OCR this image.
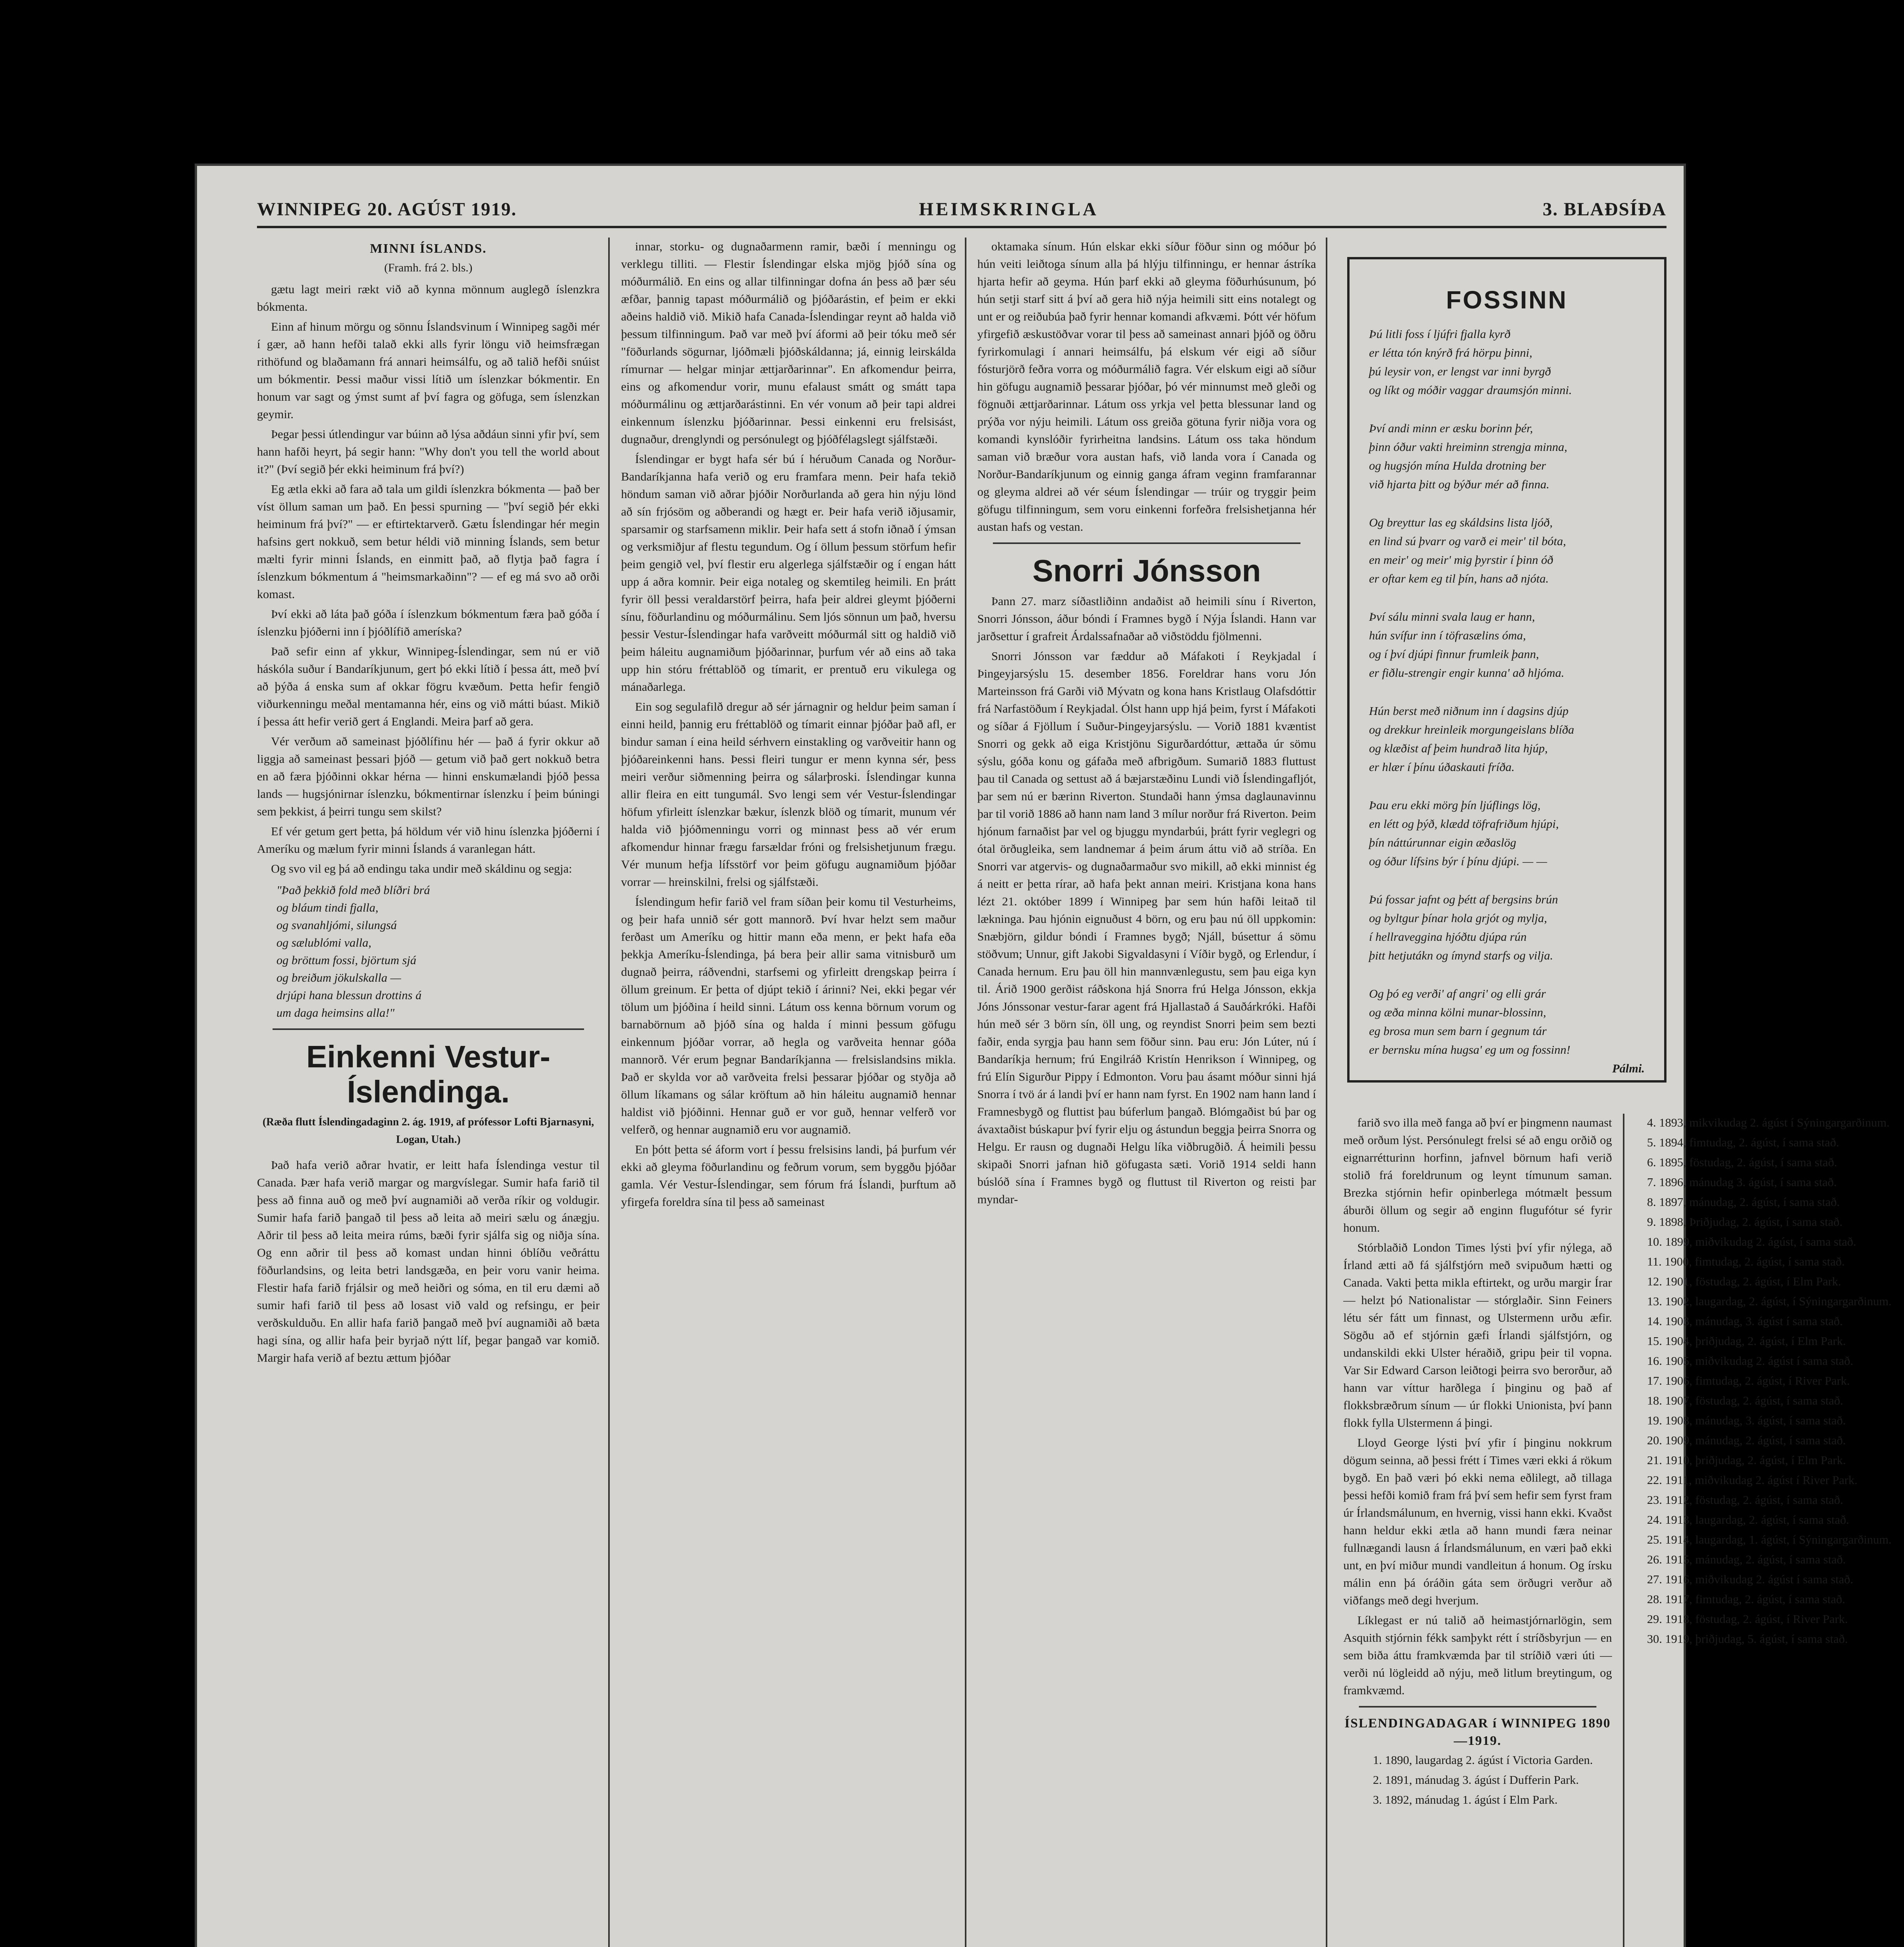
WINNIPEG 20. AGÚST 1919.	HEIMSKRINGLA	3. BLAÐSÍÐA
MINNI ÍSLANDS.
(Framh. frá 2. bls.)

gætu lagt meiri rækt við að kynna mönnum auglegð íslenzkra bókmenta.

Einn af hinum mörgu og sönnu Íslandsvinum í Winnipeg sagði mér í gær, að hann hefði talað ekki alls fyrir löngu við heimsfrægan rithöfund og blaðamann frá annari heimsálfu, og að talið hefði snúist um bókmentir. Þessi maður vissi lítið um íslenzkar bókmentir. En honum var sagt og ýmst sumt af því fagra og göfuga, sem íslenzkan geymir.

Þegar þessi útlendingur var búinn að lýsa aðdáun sinni yfir því, sem hann hafði heyrt, þá segir hann: "Why don't you tell the world about it?" (Því segið þér ekki heiminum frá því?)

Eg ætla ekki að fara að tala um gildi íslenzkra bókmenta — það ber víst öllum saman um það. En þessi spurning — "því segið þér ekki heiminum frá því?" — er eftirtektarverð. Gætu Íslendingar hér megin hafsins gert nokkuð, sem betur héldi við minning Íslands, sem betur mælti fyrir minni Íslands, en einmitt það, að flytja það fagra í íslenzkum bókmentum á "heimsmarkaðinn"? — ef eg má svo að orði komast.

Því ekki að láta það góða í íslenzkum bókmentum færa það góða í íslenzku þjóðerni inn í þjóðlífið ameríska?

Það sefir einn af ykkur, Winnipeg-Íslendingar, sem nú er við háskóla suður í Bandaríkjunum, gert þó ekki lítið í þessa átt, með því að þýða á enska sum af okkar fögru kvæðum. Þetta hefir fengið viðurkenningu meðal mentamanna hér, eins og við mátti búast. Mikið í þessa átt hefir verið gert á Englandi. Meira þarf að gera.

Vér verðum að sameinast þjóðlífinu hér — það á fyrir okkur að liggja að sameinast þessari þjóð — getum við það gert nokkuð betra en að færa þjóðinni okkar hérna — hinni enskumælandi þjóð þessa lands — hugsjónirnar íslenzku, bókmentirnar íslenzku í þeim búningi sem þekkist, á þeirri tungu sem skilst?

Ef vér getum gert þetta, þá höldum vér við hinu íslenzka þjóðerni í Ameríku og mælum fyrir minni Íslands á varanlegan hátt.

Og svo vil eg þá að endingu taka undir með skáldinu og segja:

"Það þekkið fold með blíðri brá
og bláum tindi fjalla,
og svanahljómi, silungsá
og sælublómi valla,
og bröttum fossi, björtum sjá
og breiðum jökulskalla —
drjúpi hana blessun drottins á
um daga heimsins alla!"
Einkenni Vestur-Íslendinga.
(Ræða flutt Íslendingadaginn 2. ág. 1919, af prófessor Lofti Bjarnasyni, Logan, Utah.)

Það hafa verið aðrar hvatir, er leitt hafa Íslendinga vestur til Canada. Þær hafa verið margar og margvíslegar. Sumir hafa farið til þess að finna auð og með því augnamiði að verða ríkir og voldugir. Sumir hafa farið þangað til þess að leita að meiri sælu og ánægju. Aðrir til þess að leita meira rúms, bæði fyrir sjálfa sig og niðja sína. Og enn aðrir til þess að komast undan hinni óblíðu veðráttu föðurlandsins, og leita betri landsgæða, en þeir voru vanir heima. Flestir hafa farið frjálsir og með heiðri og sóma, en til eru dæmi að sumir hafi farið til þess að losast við vald og refsingu, er þeir verðskulduðu. En allir hafa farið þangað með því augnamiði að bæta hagi sína, og allir hafa þeir byrjað nýtt líf, þegar þangað var komið. Margir hafa verið af beztu ættum þjóðar

innar, storku- og dugnaðarmenn ramir, bæði í menningu og verklegu tilliti. — Flestir Íslendingar elska mjög þjóð sína og móðurmálið. En eins og allar tilfinningar dofna án þess að þær séu æfðar, þannig tapast móðurmálið og þjóðarástin, ef þeim er ekki aðeins haldið við. Mikið hafa Canada-Íslendingar reynt að halda við þessum tilfinningum. Það var með því áformi að þeir tóku með sér "föðurlands sögurnar, ljóðmæli þjóðskáldanna; já, einnig leirskálda rímurnar — helgar minjar ættjarðarinnar". En afkomendur þeirra, eins og afkomendur vorir, munu efalaust smátt og smátt tapa móðurmálinu og ættjarðarástinni. En vér vonum að þeir tapi aldrei einkennum íslenzku þjóðarinnar. Þessi einkenni eru frelsisást, dugnaður, drenglyndi og persónulegt og þjóðfélagslegt sjálfstæði.

Íslendingar er bygt hafa sér bú í héruðum Canada og Norður-Bandaríkjanna hafa verið og eru framfara menn. Þeir hafa tekið höndum saman við aðrar þjóðir Norðurlanda að gera hin nýju lönd að sín frjósöm og aðberandi og hægt er. Þeir hafa verið iðjusamir, sparsamir og starfsamenn miklir. Þeir hafa sett á stofn iðnað í ýmsan og verksmiðjur af flestu tegundum. Og í öllum þessum störfum hefir þeim gengið vel, því flestir eru algerlega sjálfstæðir og í engan hátt upp á aðra komnir. Þeir eiga notaleg og skemtileg heimili. En þrátt fyrir öll þessi veraldarstörf þeirra, hafa þeir aldrei gleymt þjóðerni sínu, föðurlandinu og móðurmálinu. Sem ljós sönnun um það, hversu þessir Vestur-Íslendingar hafa varðveitt móðurmál sitt og haldið við þeim háleitu augnamiðum þjóðarinnar, þurfum vér að eins að taka upp hin stóru fréttablöð og tímarit, er prentuð eru vikulega og mánaðarlega.

Ein sog segulafilð dregur að sér járnagnir og heldur þeim saman í einni heild, þannig eru fréttablöð og tímarit einnar þjóðar það afl, er bindur saman í eina heild sérhvern einstakling og varðveitir hann og þjóðareinkenni hans. Þessi fleiri tungur er menn kynna sér, þess meiri verður siðmenning þeirra og sálarþroski. Íslendingar kunna allir fleira en eitt tungumál. Svo lengi sem vér Vestur-Íslendingar höfum yfirleitt íslenzkar bækur, íslenzk blöð og tímarit, munum vér halda við þjóðmenningu vorri og minnast þess að vér erum afkomendur hinnar frægu farsældar fróni og frelsishetjunum frægu. Vér munum hefja lífsstörf vor þeim göfugu augnamiðum þjóðar vorrar — hreinskilni, frelsi og sjálfstæði.

Íslendingum hefir farið vel fram síðan þeir komu til Vesturheims, og þeir hafa unnið sér gott mannorð. Því hvar helzt sem maður ferðast um Ameríku og hittir mann eða menn, er þekt hafa eða þekkja Ameríku-Íslendinga, þá bera þeir allir sama vitnisburð um dugnað þeirra, ráðvendni, starfsemi og yfirleitt drengskap þeirra í öllum greinum. Er þetta of djúpt tekið í árinni? Nei, ekki þegar vér tölum um þjóðina í heild sinni. Látum oss kenna börnum vorum og barnabörnum að þjóð sína og halda í minni þessum göfugu einkennum þjóðar vorrar, að hegla og varðveita hennar góða mannorð. Vér erum þegnar Bandaríkjanna — frelsislandsins mikla. Það er skylda vor að varðveita frelsi þessarar þjóðar og styðja að öllum líkamans og sálar kröftum að hin háleitu augnamið hennar haldist við þjóðinni. Hennar guð er vor guð, hennar velferð vor velferð, og hennar augnamið eru vor augnamið.

En þótt þetta sé áform vort í þessu frelsisins landi, þá þurfum vér ekki að gleyma föðurlandinu og feðrum vorum, sem byggðu þjóðar gamla. Vér Vestur-Íslendingar, sem fórum frá Íslandi, þurftum að yfirgefa foreldra sína til þess að sameinast

oktamaka sínum. Hún elskar ekki síður föður sinn og móður þó hún veiti leiðtoga sínum alla þá hlýju tilfinningu, er hennar ástríka hjarta hefir að geyma. Hún þarf ekki að gleyma föðurhúsunum, þó hún setji starf sitt á því að gera hið nýja heimili sitt eins notalegt og unt er og reiðubúa það fyrir hennar komandi afkvæmi. Þótt vér höfum yfirgefið æskustöðvar vorar til þess að sameinast annari þjóð og öðru fyrirkomulagi í annari heimsálfu, þá elskum vér eigi að síður fósturjörð feðra vorra og móðurmálið fagra. Vér elskum eigi að síður hin göfugu augnamið þessarar þjóðar, þó vér minnumst með gleði og fögnuði ættjarðarinnar. Látum oss yrkja vel þetta blessunar land og prýða vor nýju heimili. Látum oss greiða götuna fyrir niðja vora og komandi kynslóðir fyrirheitna landsins. Látum oss taka höndum saman við bræður vora austan hafs, við landa vora í Canada og Norður-Bandaríkjunum og einnig ganga áfram veginn framfarannar og gleyma aldrei að vér séum Íslendingar — trúir og tryggir þeim göfugu tilfinningum, sem voru einkenni forfeðra frelsishetjanna hér austan hafs og vestan.

Snorri Jónsson

Þann 27. marz síðastliðinn andaðist að heimili sínu í Riverton, Snorri Jónsson, áður bóndi í Framnes bygð í Nýja Íslandi. Hann var jarðsettur í grafreit Árdalssafnaðar að viðstöddu fjölmenni.

Snorri Jónsson var fæddur að Máfakoti í Reykjadal í Þingeyjarsýslu 15. desember 1856. Foreldrar hans voru Jón Marteinsson frá Garði við Mývatn og kona hans Kristlaug Olafsdóttir frá Narfastöðum í Reykjadal. Ólst hann upp hjá þeim, fyrst í Máfakoti og síðar á Fjöllum í Suður-Þingeyjarsýslu. — Vorið 1881 kvæntist Snorri og gekk að eiga Kristjönu Sigurðardóttur, ættaða úr sömu sýslu, góða konu og gáfaða með afbrigðum. Sumarið 1883 fluttust þau til Canada og settust að á bæjarstæðinu Lundi við Íslendingafljót, þar sem nú er bærinn Riverton. Stundaði hann ýmsa daglaunavinnu þar til vorið 1886 að hann nam land 3 mílur norður frá Riverton. Þeim hjónum farnaðist þar vel og bjuggu myndarbúi, þrátt fyrir veglegri og ótal örðugleika, sem landnemar á þeim árum áttu við að stríða. En Snorri var atgervis- og dugnaðarmaður svo mikill, að ekki minnist ég á neitt er þetta rírar, að hafa þekt annan meiri. Kristjana kona hans lézt 21. október 1899 í Winnipeg þar sem hún hafði leitað til lækninga. Þau hjónin eignuðust 4 börn, og eru þau nú öll uppkomin: Snæbjörn, gildur bóndi í Framnes bygð; Njáll, búsettur á sömu stöðvum; Unnur, gift Jakobi Sigvaldasyni í Víðir bygð, og Erlendur, í Canada hernum. Eru þau öll hin mannvænlegustu, sem þau eiga kyn til. Árið 1900 gerðist ráðskona hjá Snorra frú Helga Jónsson, ekkja Jóns Jónssonar vestur-farar agent frá Hjallastað á Sauðárkróki. Hafði hún með sér 3 börn sín, öll ung, og reyndist Snorri þeim sem bezti faðir, enda syrgja þau hann sem föður sinn. Þau eru: Jón Lúter, nú í Bandaríkja hernum; frú Engilráð Kristín Henrikson í Winnipeg, og frú Elín Sigurður Pippy í Edmonton. Voru þau ásamt móður sinni hjá Snorra í tvö ár á landi því er hann nam fyrst. En 1902 nam hann land í Framnesbygð og fluttist þau búferlum þangað. Blómgaðist bú þar og ávaxtaðist búskapur því fyrir elju og ástundun beggja þeirra Snorra og Helgu. Er rausn og dugnaði Helgu líka viðbrugðið. Á heimili þessu skipaði Snorri jafnan hið göfugasta sæti. Vorið 1914 seldi hann búslóð sína í Framnes bygð og fluttust til Riverton og reisti þar myndar-

FOSSINN
Þú litli foss í ljúfri fjalla kyrð
er létta tón knýrð frá hörpu þinni,
þú leysir von, er lengst var inni byrgð
og líkt og móðir vaggar draumsjón minni.
Því andi minn er æsku borinn þér,
þinn óður vakti hreiminn strengja minna,
og hugsjón mína Hulda drotning ber
við hjarta þitt og býður mér að finna.
Og breyttur las eg skáldsins lista ljóð,
en lind sú þvarr og varð ei meir' til bóta,
en meir' og meir' mig þyrstir í þinn óð
er oftar kem eg til þín, hans að njóta.
Því sálu minni svala laug er hann,
hún svífur inn í töfrasælins óma,
og í því djúpi finnur frumleik þann,
er fiðlu-strengir engir kunna' að hljóma.
Hún berst með niðnum inn í dagsins djúp
og drekkur hreinleik morgungeislans blíða
og klæðist af þeim hundrað lita hjúp,
er hlær í þínu úðaskauti fríða.
Þau eru ekki mörg þín ljúflings lög,
en létt og þýð, klædd töfrafriðum hjúpi,
þín náttúrunnar eigin æðaslög
og óður lífsins býr í þínu djúpi. — —
Þú fossar jafnt og þétt af bergsins brún
og byltgur þínar hola grjót og mylja,
í hellraveggina hjóðtu djúpa rún
þitt hetjutákn og ímynd starfs og vilja.
Og þó eg verði' af angri' og elli grár
og æða minna kölni munar-blossinn,
eg brosa mun sem barn í gegnum tár
er bernsku mína hugsa' eg um og fossinn!
Pálmi.

farið svo illa með fanga að því er þingmenn naumast með orðum lýst. Persónulegt frelsi sé að engu orðið og eignarrétturinn horfinn, jafnvel börnum hafi verið stolið frá foreldrunum og leynt tímunum saman. Brezka stjórnin hefir opinberlega mótmælt þessum áburði öllum og segir að enginn flugufótur sé fyrir honum.

Stórblaðið London Times lýsti því yfir nýlega, að Írland ætti að fá sjálfstjórn með svipuðum hætti og Canada. Vakti þetta mikla eftirtekt, og urðu margir Írar — helzt þó Nationalistar — stórglaðir. Sinn Feiners létu sér fátt um finnast, og Ulstermenn urðu æfir. Sögðu að ef stjórnin gæfi Írlandi sjálfstjórn, og undanskildi ekki Ulster héraðið, gripu þeir til vopna. Var Sir Edward Carson leiðtogi þeirra svo berorður, að hann var víttur harðlega í þinginu og það af flokksbræðrum sínum — úr flokki Unionista, því þann flokk fylla Ulstermenn á þingi.

Lloyd George lýsti því yfir í þinginu nokkrum dögum seinna, að þessi frétt í Times væri ekki á rökum bygð. En það væri þó ekki nema eðlilegt, að tillaga þessi hefði komið fram frá því sem hefir sem fyrst fram úr Írlandsmálunum, en hvernig, vissi hann ekki. Kvaðst hann heldur ekki ætla að hann mundi færa neinar fullnægandi lausn á Írlandsmálunum, en væri það ekki unt, en því miður mundi vandleitun á honum. Og írsku málin enn þá óráðin gáta sem örðugri verður að viðfangs með degi hverjum.

Líklegast er nú talið að heimastjórnarlögin, sem Asquith stjórnin fékk samþykt rétt í stríðsbyrjun — en sem biða áttu framkvæmda þar til stríðið væri úti — verði nú lögleidd að nýju, með litlum breytingum, og framkvæmd.

ÍSLENDINGADAGAR í WINNIPEG 1890—1919.

1. 1890, laugardag 2. ágúst í Victoria Garden.

2. 1891, mánudag 3. ágúst í Dufferin Park.

3. 1892, mánudag 1. ágúst í Elm Park.

4. 1893, mikvikudag 2. ágúst í Sýningargarðinum.

5. 1894, fimtudag, 2. ágúst, í sama stað.

6. 1895, föstudag, 2. ágúst, í sama stað.

7. 1896, mánudag 3. ágúst, í sama stað.

8. 1897, mánudag, 2. ágúst, í sama stað.

9. 1898, Þriðjudag, 2. ágúst, í sama stað.

10. 1899, miðvikudag 2. ágúst, í sama stað.

11. 1900, fimtudag, 2. ágúst, í sama stað.

12. 1901, föstudag, 2. ágúst, í Elm Park.

13. 1902, laugardag, 2. ágúst, í Sýningargarðinum.

14. 1903, mánudag, 3. ágúst í sama stað.

15. 1904, þriðjudag, 2. ágúst, í Elm Park.

16. 1905, miðvikudag 2. ágúst í sama stað.

17. 1906, fimtudag, 2. ágúst, í River Park.

18. 1907, föstudag, 2. ágúst, í sama stað.

19. 1908, mánudag, 3. ágúst, í sama stað.

20. 1909, mánudag, 2. ágúst, í sama stað.

21. 1910, þriðjudag, 2. ágúst, í Elm Park.

22. 1911, miðvikudag 2. ágúst í River Park.

23. 1912, föstudag, 2. ágúst, í sama stað.

24. 1913, laugardag, 2. ágúst, í sama stað.

25. 1914, laugardag, 1. ágúst, í Sýningargarðinum.

26. 1915, mánudag, 2. ágúst, í sama stað.

27. 1916, miðvikudag 2. ágúst í sama stað.

28. 1917, fimtudag, 2. ágúst, í sama stað.

29. 1918, föstudag, 2. ágúst, í River Park.

30. 1919, þriðjudag, 5. ágúst, í sama stað.
